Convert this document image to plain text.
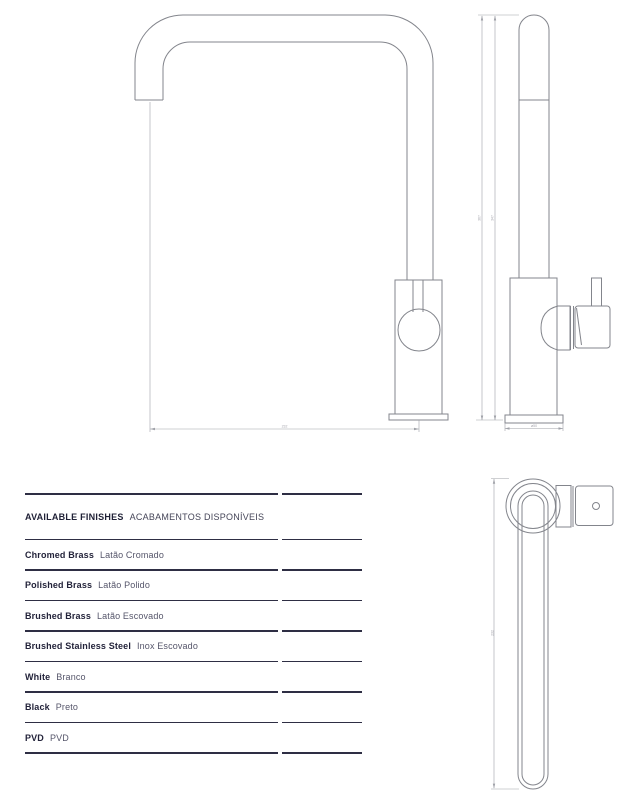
232
367	347
ø50
232
AVAILABLE FINISHES ACABAMENTOS DISPONÍVEIS
Chromed Brass Latão Cromado
Polished Brass Latão Polido
Brushed Brass Latão Escovado
Brushed Stainless Steel Inox Escovado
White Branco
Black Preto
PVD PVD
